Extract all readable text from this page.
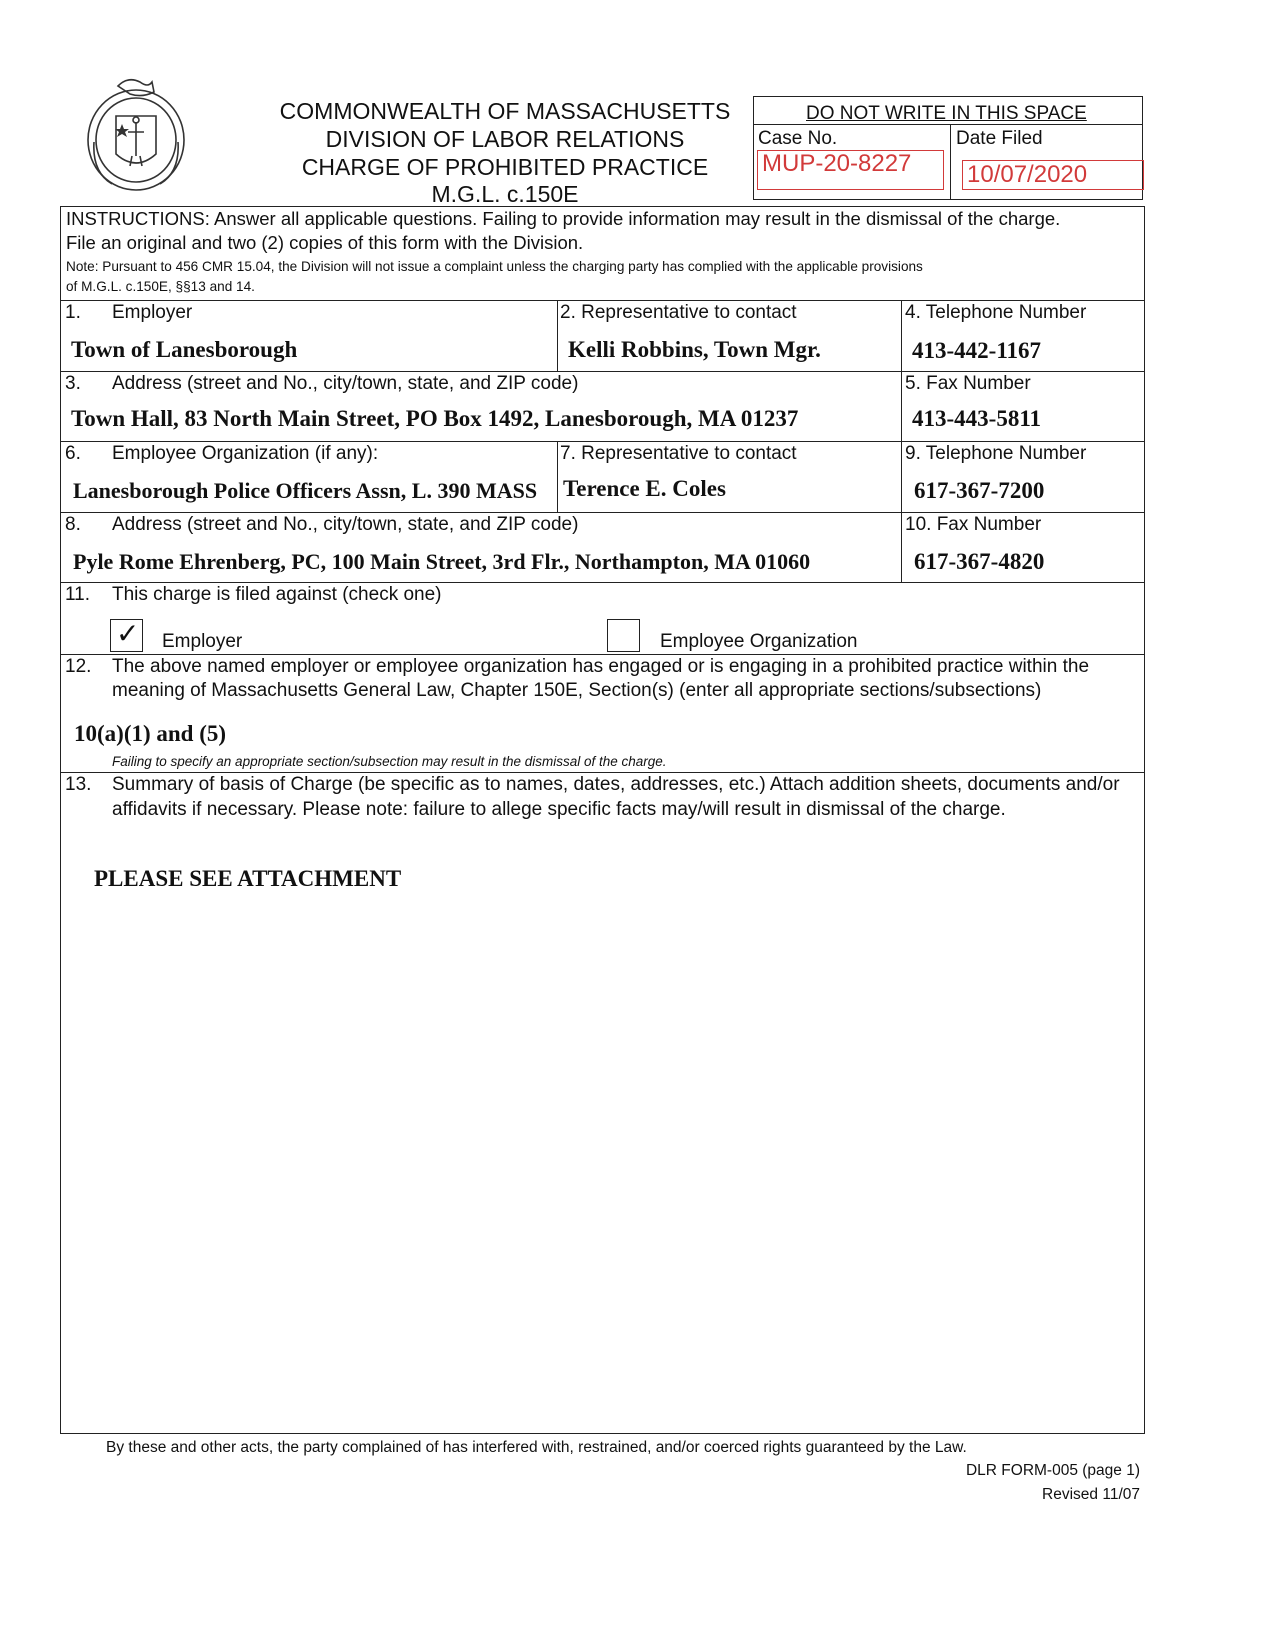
COMMONWEALTH OF MASSACHUSETTS
DIVISION OF LABOR RELATIONS
CHARGE OF PROHIBITED PRACTICE
M.G.L. c.150E
DO NOT WRITE IN THIS SPACE
Case No.	Date Filed
MUP-20-8227	10/07/2020
INSTRUCTIONS: Answer all applicable questions. Failing to provide information may result in the dismissal of the charge.
File an original and two (2) copies of this form with the Division.
Note: Pursuant to 456 CMR 15.04, the Division will not issue a complaint unless the charging party has complied with the applicable provisions
of M.G.L. c.150E, §§13 and 14.
1. Employer
Town of Lanesborough
2. Representative to contact
Kelli Robbins, Town Mgr.
4. Telephone Number
413-442-1167
3. Address (street and No., city/town, state, and ZIP code)
Town Hall, 83 North Main Street, PO Box 1492, Lanesborough, MA 01237
5. Fax Number
413-443-5811
6. Employee Organization (if any):
Lanesborough Police Officers Assn, L. 390 MASS
7. Representative to contact
Terence E. Coles
9. Telephone Number
617-367-7200
8. Address (street and No., city/town, state, and ZIP code)
Pyle Rome Ehrenberg, PC, 100 Main Street, 3rd Flr., Northampton, MA 01060
10. Fax Number
617-367-4820
11. This charge is filed against (check one)
✓ Employer	Employee Organization
12. The above named employer or employee organization has engaged or is engaging in a prohibited practice within the
meaning of Massachusetts General Law, Chapter 150E, Section(s) (enter all appropriate sections/subsections)
10(a)(1) and (5)
Failing to specify an appropriate section/subsection may result in the dismissal of the charge.
13. Summary of basis of Charge (be specific as to names, dates, addresses, etc.) Attach addition sheets, documents and/or
affidavits if necessary. Please note: failure to allege specific facts may/will result in dismissal of the charge.
PLEASE SEE ATTACHMENT
By these and other acts, the party complained of has interfered with, restrained, and/or coerced rights guaranteed by the Law.
DLR FORM-005 (page 1)
Revised 11/07
